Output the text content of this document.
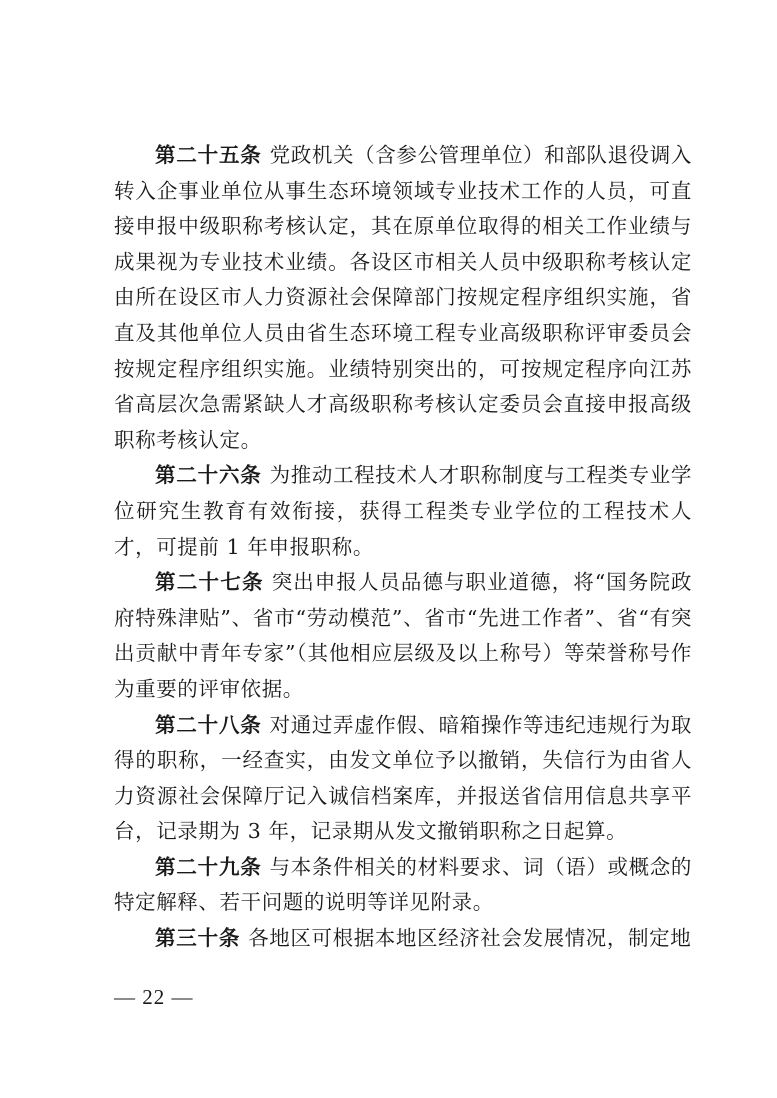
第二十五条 党政机关（含参公管理单位）和部队退役调入转入企事业单位从事生态环境领域专业技术工作的人员，可直接申报中级职称考核认定，其在原单位取得的相关工作业绩与成果视为专业技术业绩。各设区市相关人员中级职称考核认定由所在设区市人力资源社会保障部门按规定程序组织实施，省直及其他单位人员由省生态环境工程专业高级职称评审委员会按规定程序组织实施。业绩特别突出的，可按规定程序向江苏省高层次急需紧缺人才高级职称考核认定委员会直接申报高级职称考核认定。

第二十六条 为推动工程技术人才职称制度与工程类专业学位研究生教育有效衔接，获得工程类专业学位的工程技术人才，可提前 1 年申报职称。

第二十七条 突出申报人员品德与职业道德，将“国务院政府特殊津贴”、省市“劳动模范”、省市“先进工作者”、省“有突出贡献中青年专家”（其他相应层级及以上称号）等荣誉称号作为重要的评审依据。

第二十八条 对通过弄虚作假、暗箱操作等违纪违规行为取得的职称，一经查实，由发文单位予以撤销，失信行为由省人力资源社会保障厅记入诚信档案库，并报送省信用信息共享平台，记录期为 3 年，记录期从发文撤销职称之日起算。

第二十九条 与本条件相关的材料要求、词（语）或概念的特定解释、若干问题的说明等详见附录。

第三十条 各地区可根据本地区经济社会发展情况，制定地

— 22 —
